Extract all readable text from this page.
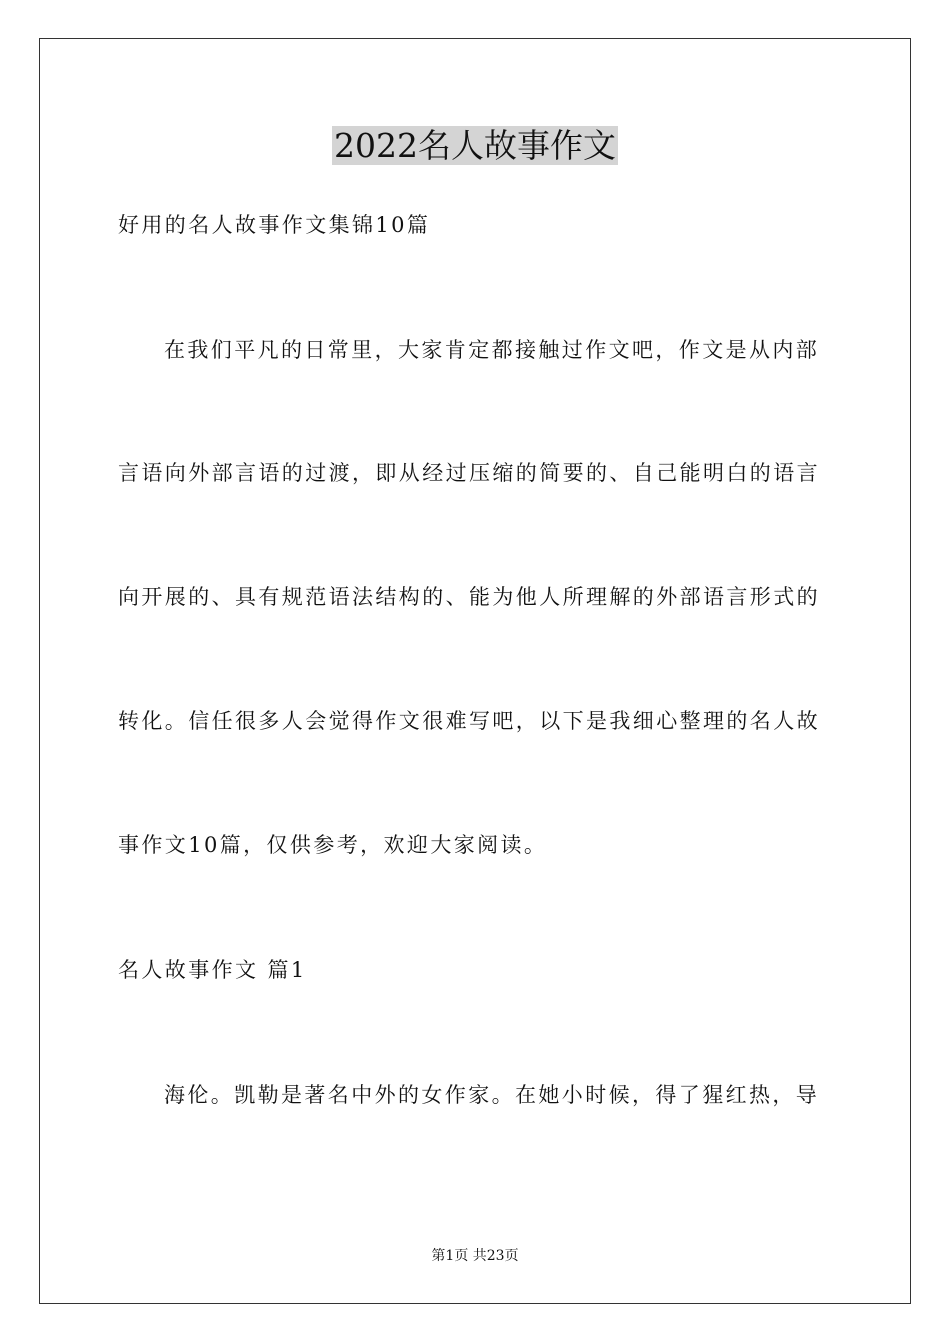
2022名人故事作文
好用的名人故事作文集锦10篇
在我们平凡的日常里，大家肯定都接触过作文吧，作文是从内部
言语向外部言语的过渡，即从经过压缩的简要的、自己能明白的语言
向开展的、具有规范语法结构的、能为他人所理解的外部语言形式的
转化。信任很多人会觉得作文很难写吧，以下是我细心整理的名人故
事作文10篇，仅供参考，欢迎大家阅读。
名人故事作文 篇1
海伦。凯勒是著名中外的女作家。在她小时候，得了猩红热，导
第1页 共23页
